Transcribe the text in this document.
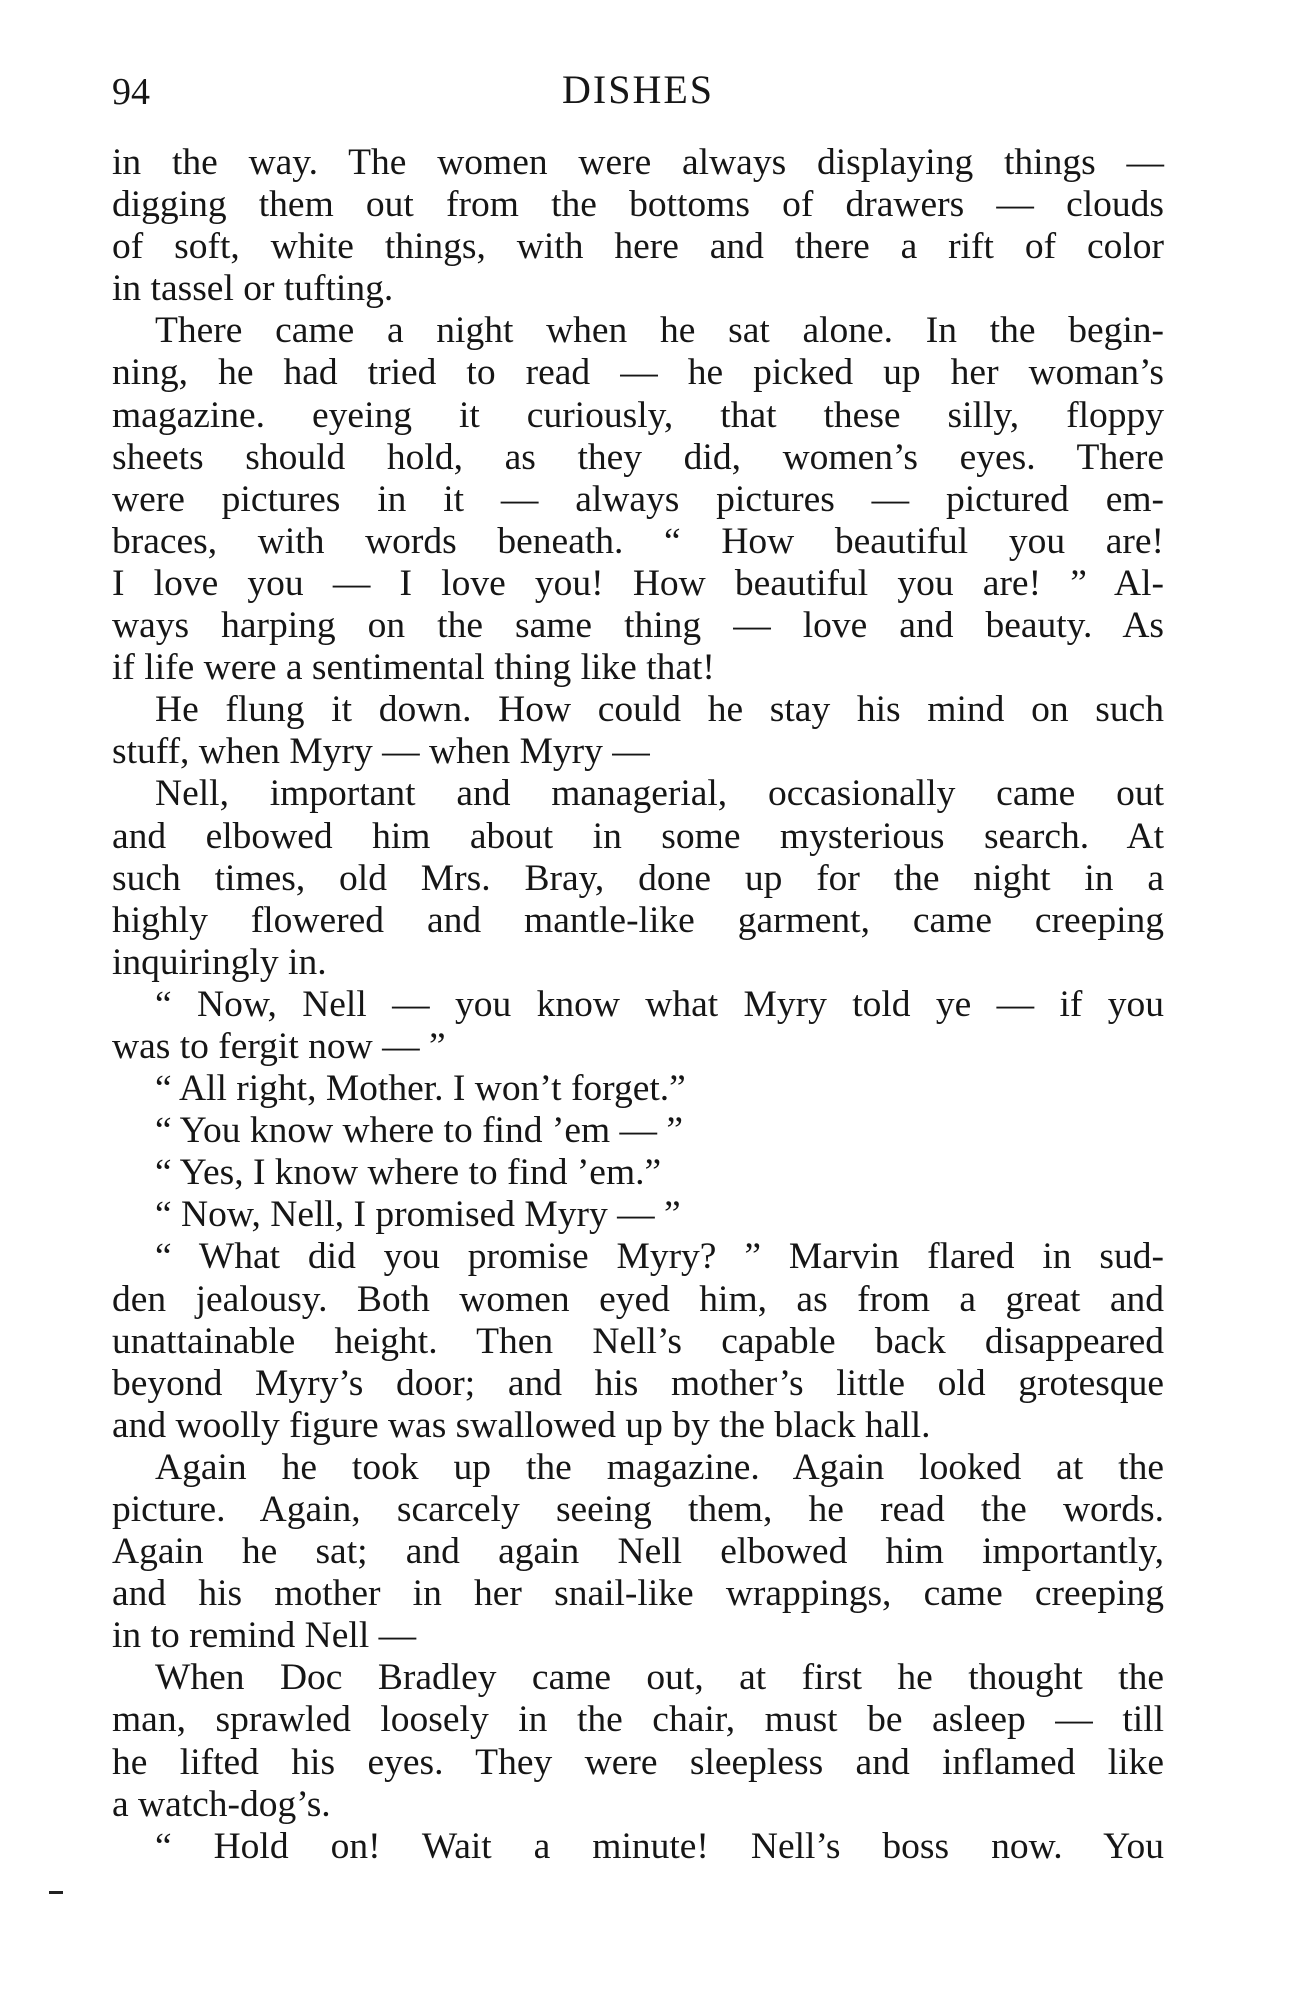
94	DISHES
in the way. The women were always displaying things —
digging them out from the bottoms of drawers — clouds
of soft, white things, with here and there a rift of color
in tassel or tufting.
There came a night when he sat alone. In the begin-
ning, he had tried to read — he picked up her woman’s
magazine. eyeing it curiously, that these silly, floppy
sheets should hold, as they did, women’s eyes. There
were pictures in it — always pictures — pictured em-
braces, with words beneath. “ How beautiful you are!
I love you — I love you! How beautiful you are! ” Al-
ways harping on the same thing — love and beauty. As
if life were a sentimental thing like that!
He flung it down. How could he stay his mind on such
stuff, when Myry — when Myry —
Nell, important and managerial, occasionally came out
and elbowed him about in some mysterious search. At
such times, old Mrs. Bray, done up for the night in a
highly flowered and mantle-like garment, came creeping
inquiringly in.
“ Now, Nell — you know what Myry told ye — if you
was to fergit now — ”
“ All right, Mother. I won’t forget.”
“ You know where to find ’em — ”
“ Yes, I know where to find ’em.”
“ Now, Nell, I promised Myry — ”
“ What did you promise Myry? ” Marvin flared in sud-
den jealousy. Both women eyed him, as from a great and
unattainable height. Then Nell’s capable back disappeared
beyond Myry’s door; and his mother’s little old grotesque
and woolly figure was swallowed up by the black hall.
Again he took up the magazine. Again looked at the
picture. Again, scarcely seeing them, he read the words.
Again he sat; and again Nell elbowed him importantly,
and his mother in her snail-like wrappings, came creeping
in to remind Nell —
When Doc Bradley came out, at first he thought the
man, sprawled loosely in the chair, must be asleep — till
he lifted his eyes. They were sleepless and inflamed like
a watch-dog’s.
“ Hold on! Wait a minute! Nell’s boss now. You
